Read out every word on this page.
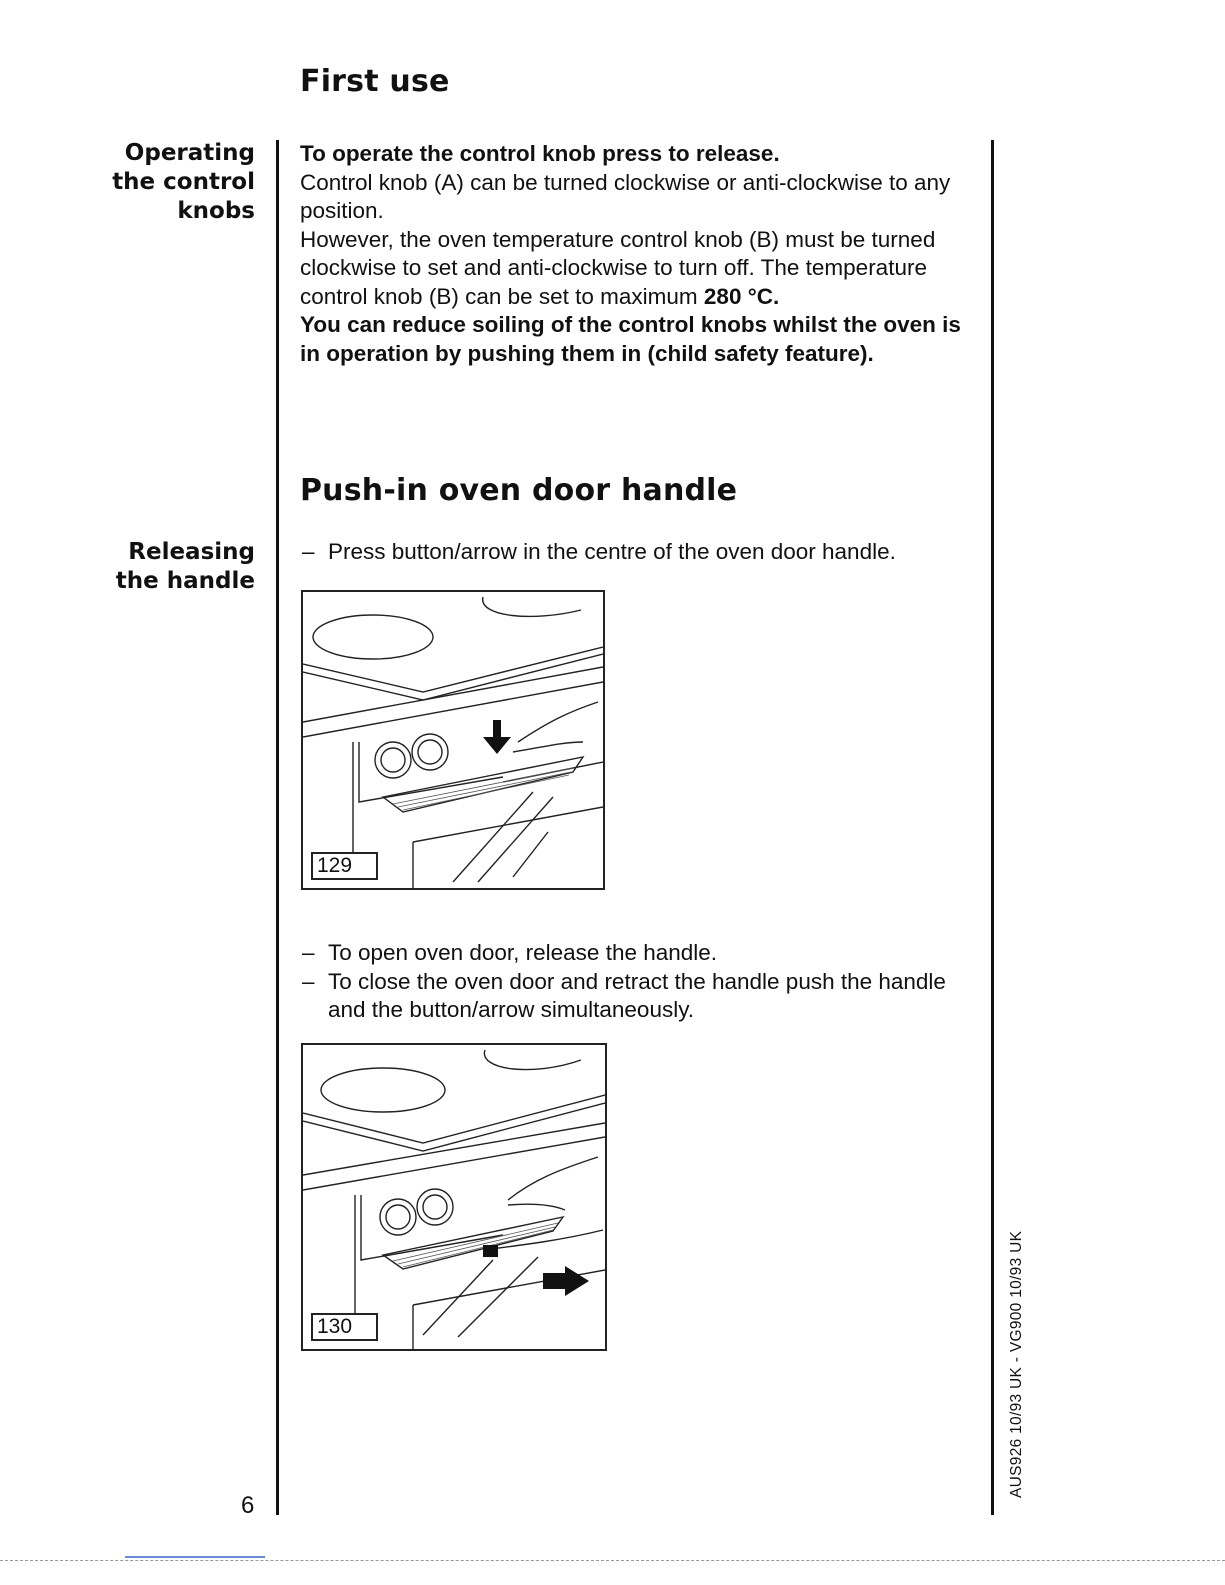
First use
Operating
the control
knobs
Releasing
the handle

To operate the control knob press to release.

Control knob (A) can be turned clockwise or anti-clockwise to any position.

However, the oven temperature control knob (B) must be turned clockwise to set and anti-clockwise to turn off. The temperature control knob (B) can be set to maximum 280 °C.

You can reduce soiling of the control knobs whilst the oven is in operation by pushing them in (child safety feature).

Push-in oven door handle
– Press button/arrow in the centre of the oven door handle.
129
– To open oven door, release the handle.
– To close the oven door and retract the handle push the handle and the button/arrow simultaneously.
130
6
AUS926 10/93 UK - VG900 10/93 UK
